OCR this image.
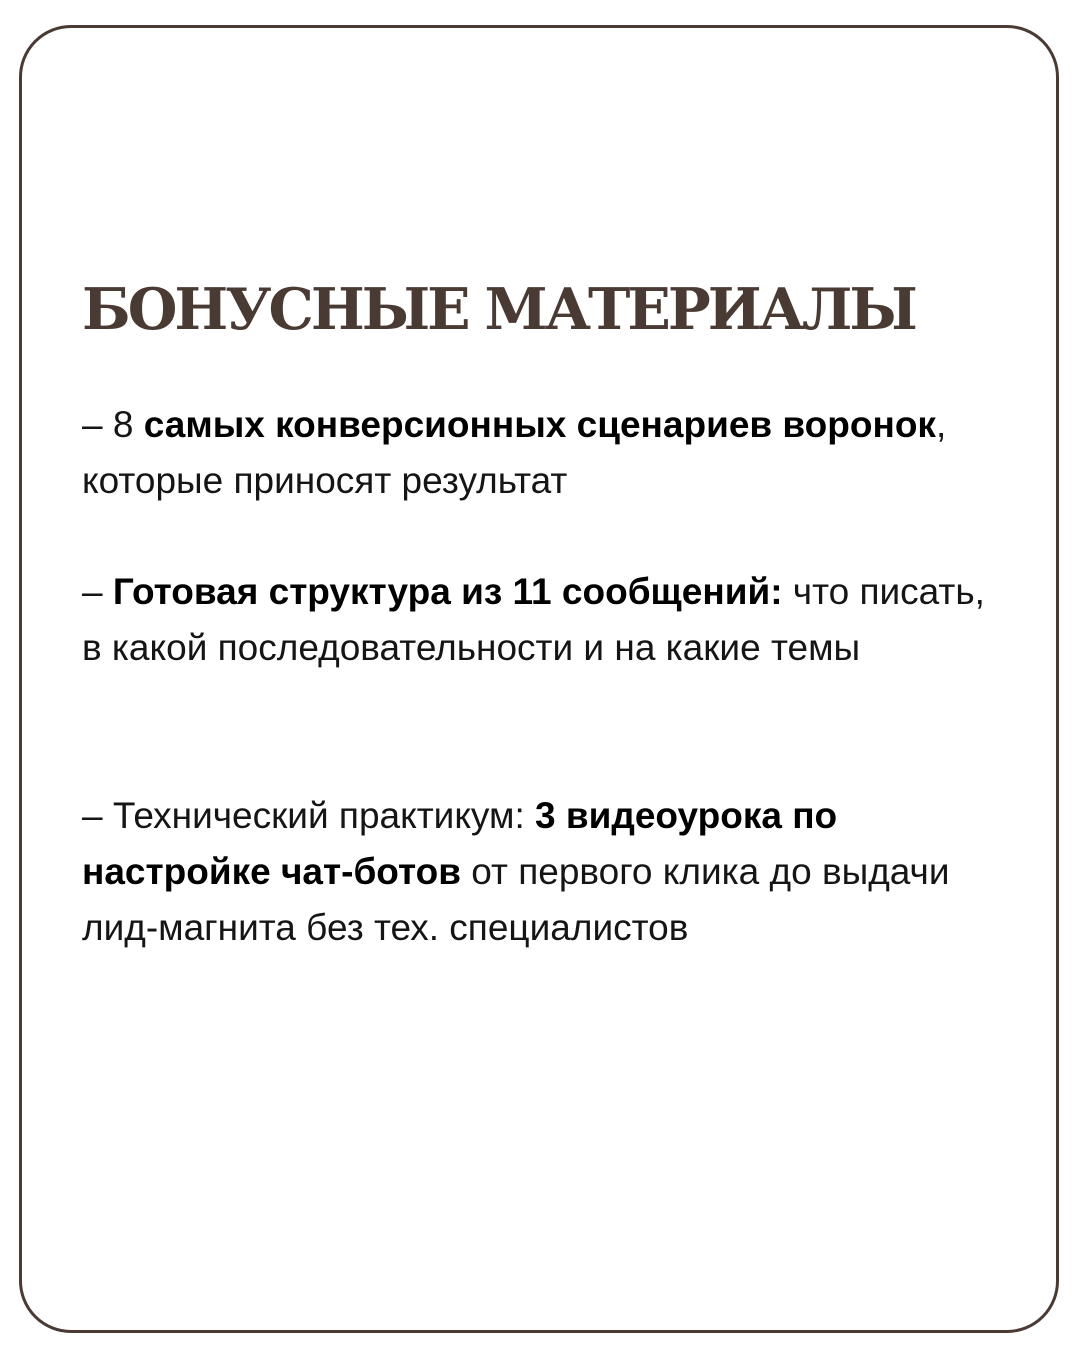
БОНУСНЫЕ МАТЕРИАЛЫ

– 8 самых конверсионных сценариев воронок, которые приносят результат

– Готовая структура из 11 сообщений: что писать, в какой последовательности и на какие темы

– Технический практикум: 3 видеоурока по настройке чат-ботов от первого клика до выдачи лид-магнита без тех. специалистов
